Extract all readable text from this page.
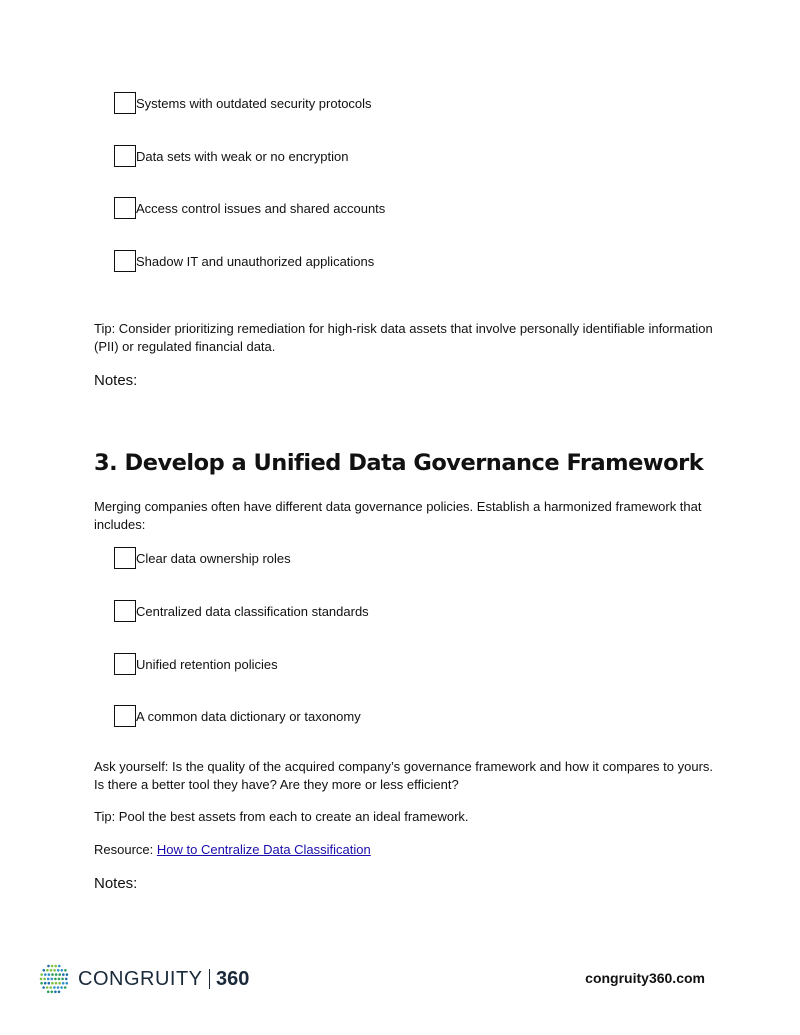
Systems with outdated security protocols
Data sets with weak or no encryption
Access control issues and shared accounts
Shadow IT and unauthorized applications

Tip: Consider prioritizing remediation for high-risk data assets that involve personally identifiable information (PII) or regulated financial data.

Notes:
3. Develop a Unified Data Governance Framework

Merging companies often have different data governance policies. Establish a harmonized framework that includes:

Clear data ownership roles
Centralized data classification standards
Unified retention policies
A common data dictionary or taxonomy

Ask yourself: Is the quality of the acquired company’s governance framework and how it compares to yours. Is there a better tool they have? Are they more or less efficient?

Tip: Pool the best assets from each to create an ideal framework.

Resource: How to Centralize Data Classification

Notes:
CONGRUITY 360	congruity360.com
